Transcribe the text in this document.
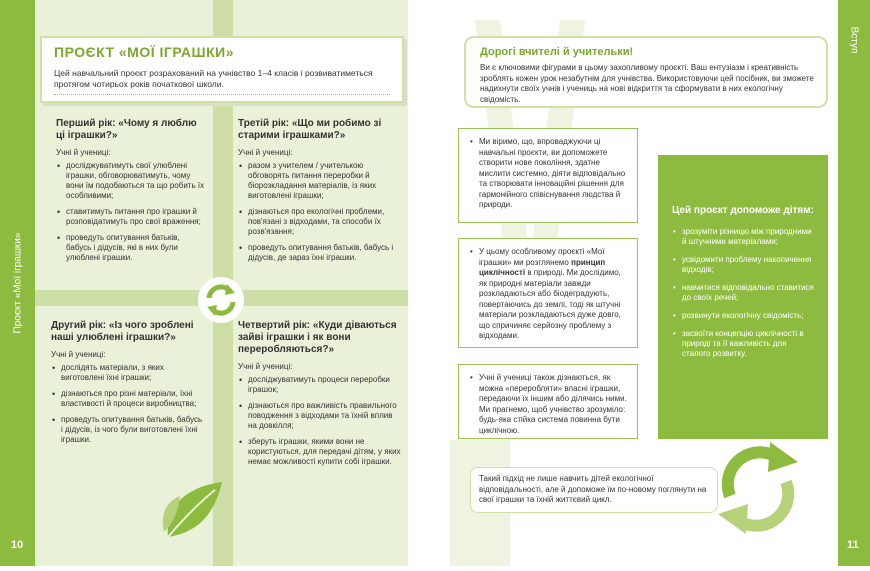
Проєкт «Мої іграшки»
10
ПРОЄКТ «МОЇ ІГРАШКИ»
Цей навчальний проєкт розрахований на учнівство 1–4 класів і розвиватиметься протягом чотирьох років початкової школи.
Перший рік: «Чому я люблю ці іграшки?»
Учні й учениці:
• досліджуватимуть свої улюблені іграшки, обговорюватимуть, чому вони їм подобаються та що робить їх особливими;
• ставитимуть питання про іграшки й розповідатимуть про свої враження;
• проведуть опитування батьків, бабусь і дідусів, які в них були улюблені іграшки.
Третій рік: «Що ми робимо зі старими іграшками?»
Учні й учениці:
• разом з учителем / учителькою обговорять питання переробки й біорозкладання матеріалів, із яких виготовлені іграшки;
• дізнаються про екологічні проблеми, пов'язані з відходами, та способи їх розв'язання;
• проведуть опитування батьків, бабусь і дідусів, де зараз їхні іграшки.
Другий рік: «Із чого зроблені наші улюблені іграшки?»
Учні й учениці:
• дослідять матеріали, з яких виготовлені їхні іграшки;
• дізнаються про різні матеріали, їхні властивості й процеси виробництва;
• проведуть опитування батьків, бабусь і дідусів, із чого були виготовлені їхні іграшки.
Четвертий рік: «Куди діваються зайві іграшки і як вони переробляються?»
Учні й учениці:
• досліджуватимуть процеси переробки іграшок;
• дізнаються про важливість правильного поводження з відходами та їхній вплив на довкілля;
• зберуть іграшки, якими вони не користуються, для передачі дітям, у яких немає можливості купити собі іграшки.
Дорогі вчителі й учительки!
Ви є ключовими фігурами в цьому захопливому проєкті. Ваш ентузіазм і креативність зроблять кожен урок незабутнім для учнівства. Використовуючи цей посібник, ви зможете надихнути своїх учнів і учениць на нові відкриття та сформувати в них екологічну свідомість.
• Ми віримо, що, впроваджуючи ці навчальні проєкти, ви допоможете створити нове покоління, здатне мислити системно, діяти відповідально та створювати інноваційні рішення для гармонійного співіснування людства й природи.
• У цьому особливому проєкті «Мої іграшки» ми розглянемо принцип циклічності в природі. Ми дослідимо, як природні матеріали завжди розкладаються або біодеградують, повертаючись до землі, тоді як штучні матеріали розкладаються дуже довго, що спричиняє серйозну проблему з відходами.
• Учні й учениці також дізнаються, як можна «переробляти» власні іграшки, передаючи їх іншим або ділячись ними. Ми прагнемо, щоб учнівство зрозуміло: будь-яка стійка система повинна бути циклічною.
Цей проєкт допоможе дітям:
• зрозуміти різницю між природними й штучними матеріалами;
• усвідомити проблему накопичення відходів;
• навчитися відповідально ставитися до своїх речей;
• розвинути екологічну свідомість;
• засвоїти концепцію циклічності в природі та її важливість для сталого розвитку.
Такий підхід не лише навчить дітей екологічної відповідальності, але й допоможе їм по-новому поглянути на свої іграшки та їхній життєвий цикл.
Вступ
11
